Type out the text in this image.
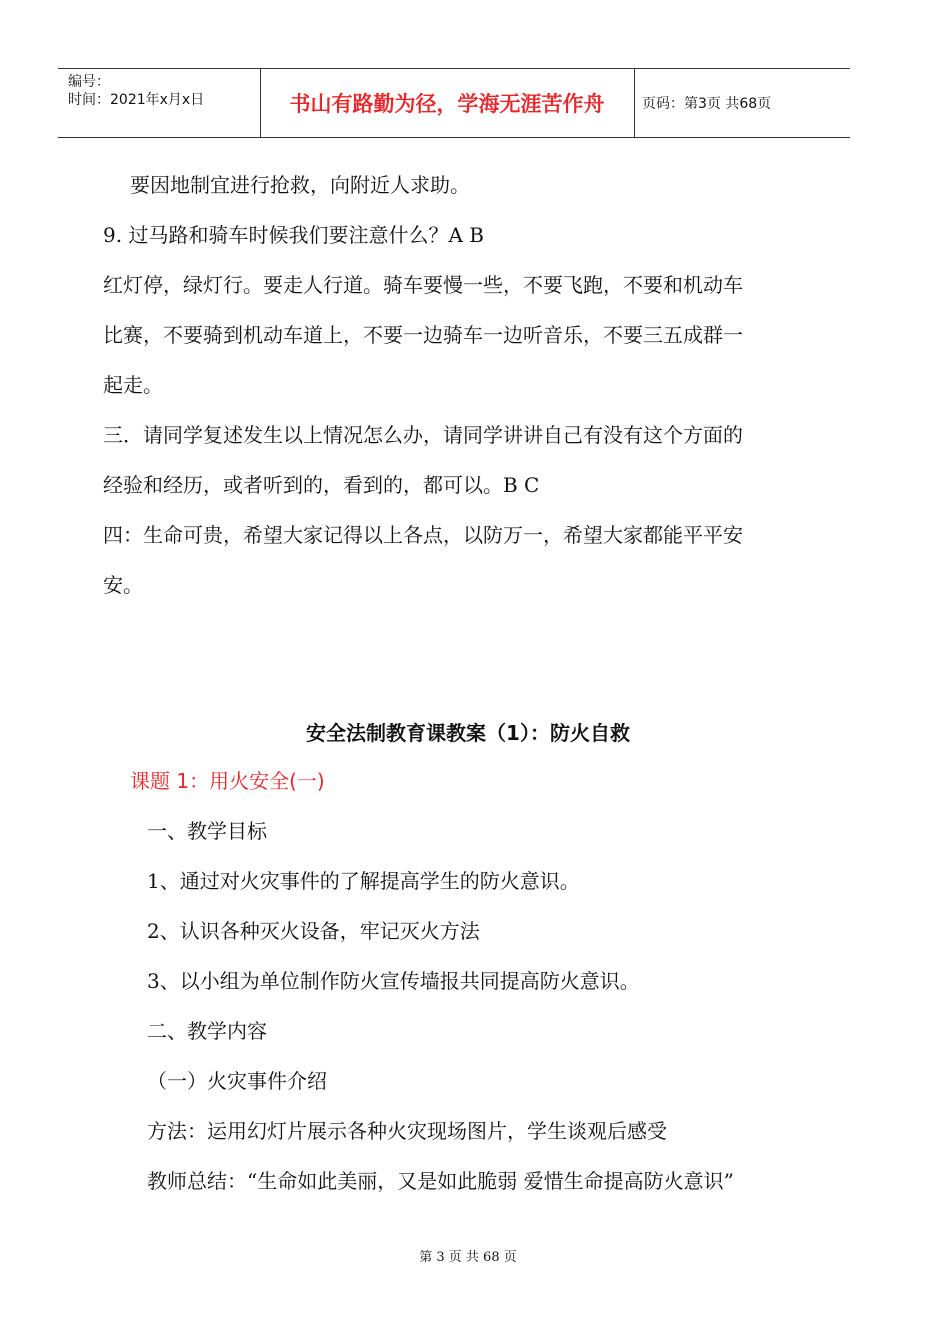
编号：
时间：2021年x月x日	书山有路勤为径，学海无涯苦作舟	页码：第3页 共68页
要因地制宜进行抢救，向附近人求助。
9. 过马路和骑车时候我们要注意什么？A B
红灯停，绿灯行。要走人行道。骑车要慢一些，不要飞跑，不要和机动车
比赛，不要骑到机动车道上，不要一边骑车一边听音乐，不要三五成群一
起走。
三．请同学复述发生以上情况怎么办，请同学讲讲自己有没有这个方面的
经验和经历，或者听到的，看到的，都可以。B C
四：生命可贵，希望大家记得以上各点，以防万一，希望大家都能平平安
安。
安全法制教育课教案（1）：防火自救
课题 1：用火安全(一)
一、教学目标
1、通过对火灾事件的了解提高学生的防火意识。
2、认识各种灭火设备，牢记灭火方法
3、以小组为单位制作防火宣传墙报共同提高防火意识。
二、教学内容
（一）火灾事件介绍
方法：运用幻灯片展示各种火灾现场图片，学生谈观后感受
教师总结：“生命如此美丽，又是如此脆弱 爱惜生命提高防火意识”
第 3 页 共 68 页
